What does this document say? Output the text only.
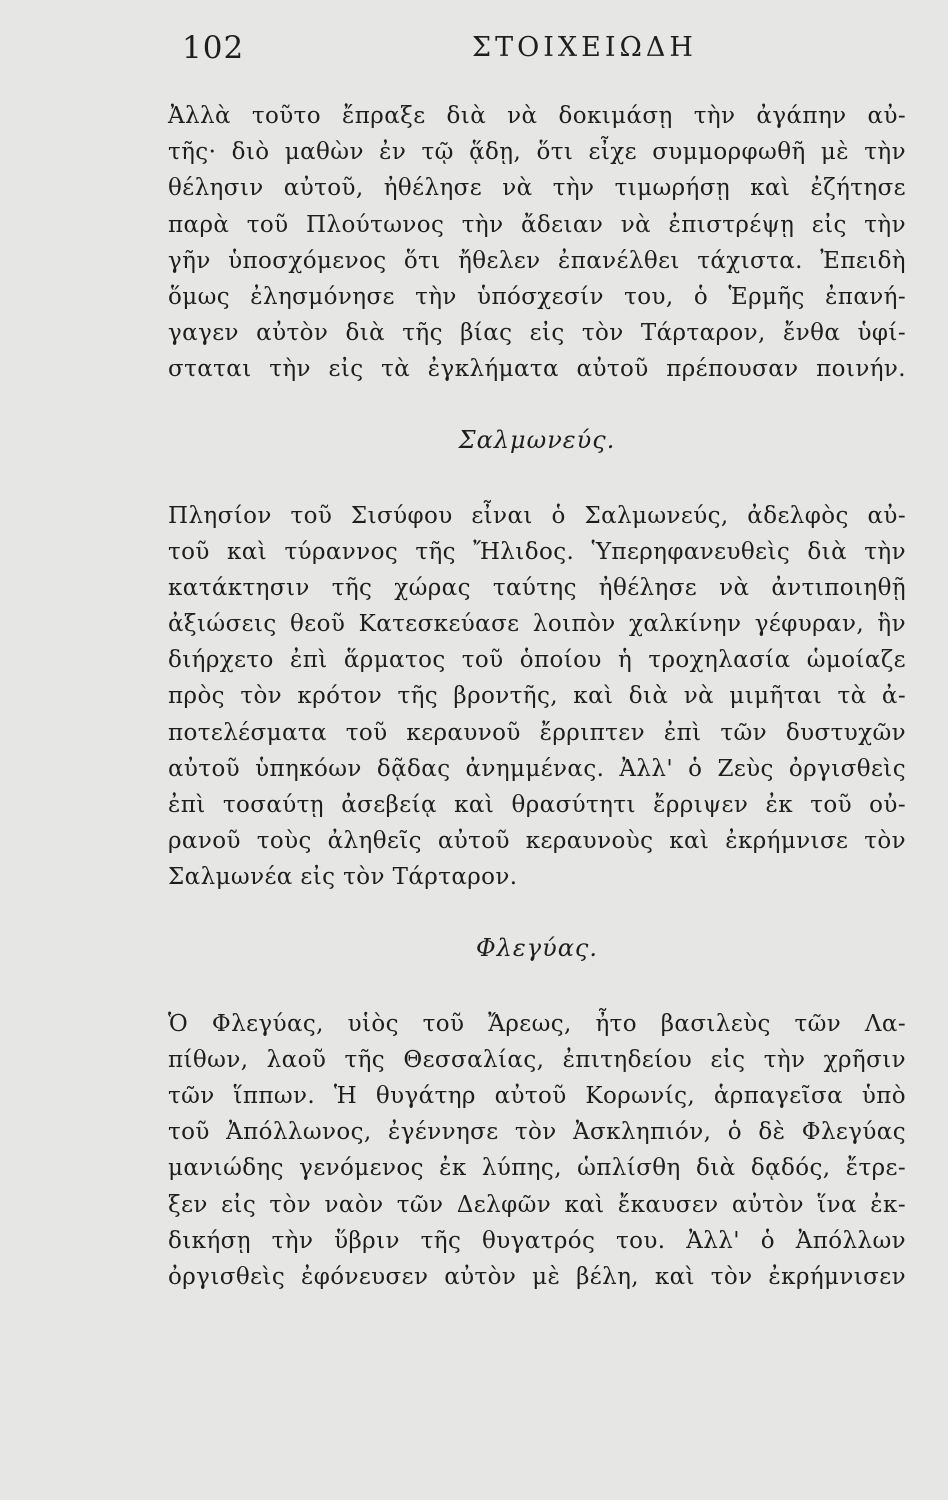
102	ΣΤΟΙΧΕΙΩΔΗ
Ἀλλὰ τοῦτο ἔπραξε διὰ νὰ δοκιμάσῃ τὴν ἀγάπην αὐ-
τῆς· διὸ μαθὼν ἐν τῷ ᾅδῃ, ὅτι εἶχε συμμορφωθῆ μὲ τὴν
θέλησιν αὐτοῦ, ἠθέλησε νὰ τὴν τιμωρήσῃ καὶ ἐζήτησε
παρὰ τοῦ Πλούτωνος τὴν ἄδειαν νὰ ἐπιστρέψῃ εἰς τὴν
γῆν ὑποσχόμενος ὅτι ἤθελεν ἐπανέλθει τάχιστα. Ἐπειδὴ
ὅμως ἐλησμόνησε τὴν ὑπόσχεσίν του, ὁ Ἑρμῆς ἐπανή-
γαγεν αὐτὸν διὰ τῆς βίας εἰς τὸν Τάρταρον, ἔνθα ὑφί-
σταται τὴν εἰς τὰ ἐγκλήματα αὐτοῦ πρέπουσαν ποινήν.
Σαλμωνεύς.
Πλησίον τοῦ Σισύφου εἶναι ὁ Σαλμωνεύς, ἀδελφὸς αὐ-
τοῦ καὶ τύραννος τῆς Ἤλιδος. Ὑπερηφανευθεὶς διὰ τὴν
κατάκτησιν τῆς χώρας ταύτης ἠθέλησε νὰ ἀντιποιηθῇ
ἀξιώσεις θεοῦ Κατεσκεύασε λοιπὸν χαλκίνην γέφυραν, ἣν
διήρχετο ἐπὶ ἅρματος τοῦ ὁποίου ἡ τροχηλασία ὡμοίαζε
πρὸς τὸν κρότον τῆς βροντῆς, καὶ διὰ νὰ μιμῆται τὰ ἀ-
ποτελέσματα τοῦ κεραυνοῦ ἔρριπτεν ἐπὶ τῶν δυστυχῶν
αὐτοῦ ὑπηκόων δᾷδας ἀνημμένας. Ἀλλ' ὁ Ζεὺς ὀργισθεὶς
ἐπὶ τοσαύτῃ ἀσεβείᾳ καὶ θρασύτητι ἔρριψεν ἐκ τοῦ οὐ-
ρανοῦ τοὺς ἀληθεῖς αὐτοῦ κεραυνοὺς καὶ ἐκρήμνισε τὸν
Σαλμωνέα εἰς τὸν Τάρταρον.
Φλεγύας.
Ὁ Φλεγύας, υἱὸς τοῦ Ἄρεως, ἦτο βασιλεὺς τῶν Λα-
πίθων, λαοῦ τῆς Θεσσαλίας, ἐπιτηδείου εἰς τὴν χρῆσιν
τῶν ἵππων. Ἡ θυγάτηρ αὐτοῦ Κορωνίς, ἁρπαγεῖσα ὑπὸ
τοῦ Ἀπόλλωνος, ἐγέννησε τὸν Ἀσκληπιόν, ὁ δὲ Φλεγύας
μανιώδης γενόμενος ἐκ λύπης, ὡπλίσθη διὰ δᾳδός, ἔτρε-
ξεν εἰς τὸν ναὸν τῶν Δελφῶν καὶ ἔκαυσεν αὐτὸν ἵνα ἐκ-
δικήσῃ τὴν ὕβριν τῆς θυγατρός του. Ἀλλ' ὁ Ἀπόλλων
ὀργισθεὶς ἐφόνευσεν αὐτὸν μὲ βέλη, καὶ τὸν ἐκρήμνισεν
